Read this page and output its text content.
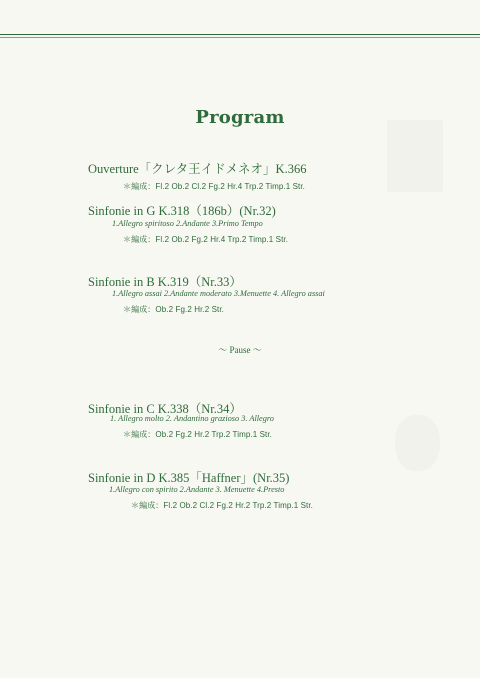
Program
Ouverture「クレタ王イドメネオ」K.366
＊編成：Fl.2 Ob.2 Cl.2 Fg.2 Hr.4 Trp.2 Timp.1 Str.
Sinfonie in G K.318（186b）(Nr.32)
1.Allegro spiritoso 2.Andante 3.Primo Tempo
＊編成：Fl.2 Ob.2 Fg.2 Hr.4 Trp.2 Timp.1 Str.
Sinfonie in B K.319（Nr.33）
1.Allegro assai 2.Andante moderato 3.Menuette 4. Allegro assai
＊編成：Ob.2 Fg.2 Hr.2 Str.
〜 Pause 〜
Sinfonie in C K.338（Nr.34）
1. Allegro molto 2. Andantino grazioso 3. Allegro
＊編成：Ob.2 Fg.2 Hr.2 Trp.2 Timp.1 Str.
Sinfonie in D K.385「Haffner」(Nr.35)
1.Allegro con spirito 2.Andante 3. Menuette 4.Presto
＊編成：Fl.2 Ob.2 Cl.2 Fg.2 Hr.2 Trp.2 Timp.1 Str.
